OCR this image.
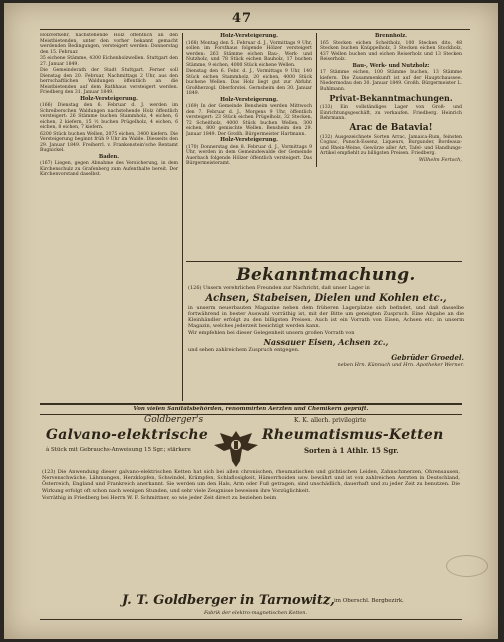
47

Holzverkehr, nachstehende Holz öffentlich an den Meistbietenden, unter den vorher bekannt gemacht werdenden Bedingungen, versteigert werden: Donnerstag den 15. Februar.

35 eichene Stämme, 4300 Eichenholzwellen. Stuttgart den 27. Januar 1849.

Die Gemeinderath der Stadt Stuttgart. Ferner soll Dienstag den 20. Februar, Nachmittags 2 Uhr, aus den herrschaftlichen Waldungen öffentlich an die Meistbietenden auf dem Rathhaus versteigert werden. Friedberg den 31. Januar 1849.

Holz-Versteigerung.

(166) Dienstag den 6. Februar d. J. werden im Schreiberschen Waldungen nachstehende Holz öffentlich versteigert: 26 Stämme buchen Stammholz, 4 eichen, 6 eichen, 2 kiefern, 15 ½ buchen Prügelholz, 4 eichen, 6 eichen, 8 eichen, 7 kiefern.

6200 Stück buchen Wellen, 2075 eichen, 3400 kiefern. Die Versteigerung beginnt früh 9 Uhr im Walde. Diesseits den 29. Januar 1849. Freiherrl. v. Frankenstein'sche Rentamt Bugnickel.

Baden.

(167) Liegen, gegen Abnahme des Versicherung, in dem Kirchenschulz zu Grafenberg zum Aufenthalte bereit. Der Kirchenvorstand daselbst.

Holz-Versteigerung.

(168) Montag den 5. Februar d. J., Vormittags 9 Uhr, sollen im Forsthaus folgende Hölzer versteigert werden: 263 Stämme eichen Bau-, Werk- und Nutzholz, und 78 Stück eichen Bauholz, 17 buchen Stämme, 9 eichen, 4000 Stück eichene Wellen.

Dienstag den 6. Febr. d. J., Vormittags 9 Uhr, 140 Stück eichen Stammholz, 20 eichen, 4000 Stück buchene Wellen. Das Holz liegt gut zur Abfuhr. Großherzogl. Oberforstei. Gernsheim den 30. Januar 1849.

Holz-Versteigerung.

(169) In der Gemeinde Bensheim werden Mittwoch den 7. Februar d. J., Morgens 9 Uhr, öffentlich versteigert: 23 Stück eichen Prügelholz, 32 Stecken, 72 Scheitholz, 4000 Stück buchen Wellen, 300 eichen, 800 gemischte Wellen. Bensheim den 29. Januar 1849. Der Großh. Bürgermeister Hartmann.

Holz-Versteigerung.

(170) Donnerstag den 8. Februar d. J., Vormittags 9 Uhr, werden in dem Gemeindewalde der Gemeinde Auerbach folgende Hölzer öffentlich versteigert. Das Bürgermeisteramt.

Brennholz.

165 Stecken eichen Scheitholz, 100 Stecken dito, 48 Stecken buchen Knüppelholz, 3 Stecken eichen Stockholz, 437 Wellen buchen und eichen Reiserholz und 13 Stecken Reiserholz.

Bau-, Werk- und Nutzholz:

17 Stämme eichen, 100 Stämme buchen, 13 Stämme kiefern. Die Zusammenkunft ist auf der Hauptchaussee. Niedermodau den 30. Januar 1849. Großh. Bürgermeister L. Buhlmann.

Privat-Bekanntmachungen.

(133) Ein vollständiges Lager von Groß- und Einrichtungsgeschäft, zu verkaufen. Friedberg. Heinrich Rehrmann.

Arac de Batavia!

(132) Ausgezeichnete Sorten Arrac, Jamaica-Rum, feinsten Cognac, Punsch-Essenz, Liqueurs, Burgunder, Bordeaux- und Rhein-Weine, Gewürze aller Art, Tafel- und Handlungs-Artikel empfiehlt zu billigsten Preisen. Friedberg.

Wilhelm Fertsch,
Bekanntmachung.

(126) Unsern verehrlichen Freunden zur Nachricht, daß unser Lager in

Achsen, Stabeisen, Dielen und Kohlen etc.,

in unserm neuerbauten Magazine neben dem früheren Lagerplatze sich befindet, und daß dasselbe fortwährend in bester Auswahl vorräthig ist, mit der Bitte um geneigten Zuspruch. Eine Abgabe an die Kleinhändler erfolgt zu den billigsten Preisen. Auch ist ein Vorrath von Eisen, Achsen etc. in unserm Magazin, welches jederzeit besichtigt werden kann.

Wir empfehlen bei dieser Gelegenheit unsern großen Vorrath von

Nassauer Eisen, Achsen zc.,

und sehen zahlreichem Zuspruch entgegen.

Gebrüder Groedel.
neben Hrn. Künnuch und Hrn. Apotheker Werner.
Von vielen Sanitätsbehörden, renommirten Aerzten und Chemikern geprüft.
Goldberger's	K. K. allerh. privilegirte
Galvano-elektrische	Rheumatismus-Ketten
à Stück mit Gebrauchs-Anweisung 15 Sgr.; stärkere	Sorten à 1 Athlr. 15 Sgr.

(123) Die Anwendung dieser galvano-elektrischen Ketten hat sich bei allen chronischen, rheumatischen und gichtischen Leiden, Zahnschmerzen, Ohrensausen, Nervenschwäche, Lähmungen, Herzklopfen, Schwindel, Krämpfen, Schlaflosigkeit, Hämorrhoiden usw. bewährt und ist von zahlreichen Aerzten in Deutschland, Österreich, England und Frankreich anerkannt. Sie werden um den Hals, Arm oder Fuß getragen, sind unschädlich, dauerhaft und zu jeder Zeit zu benutzen. Die Wirkung erfolgt oft schon nach wenigen Stunden, und sehr viele Zeugnisse beweisen ihre Vorzüglichkeit.

Vorräthig in Friedberg bei Herrn W. F. Schmittner, so wie jeder Zeit direct zu beziehen beim

J. T. Goldberger in Tarnowitz, im Oberschl. Bergbezirk.
Fabrik der elektro-magnetischen Ketten.
